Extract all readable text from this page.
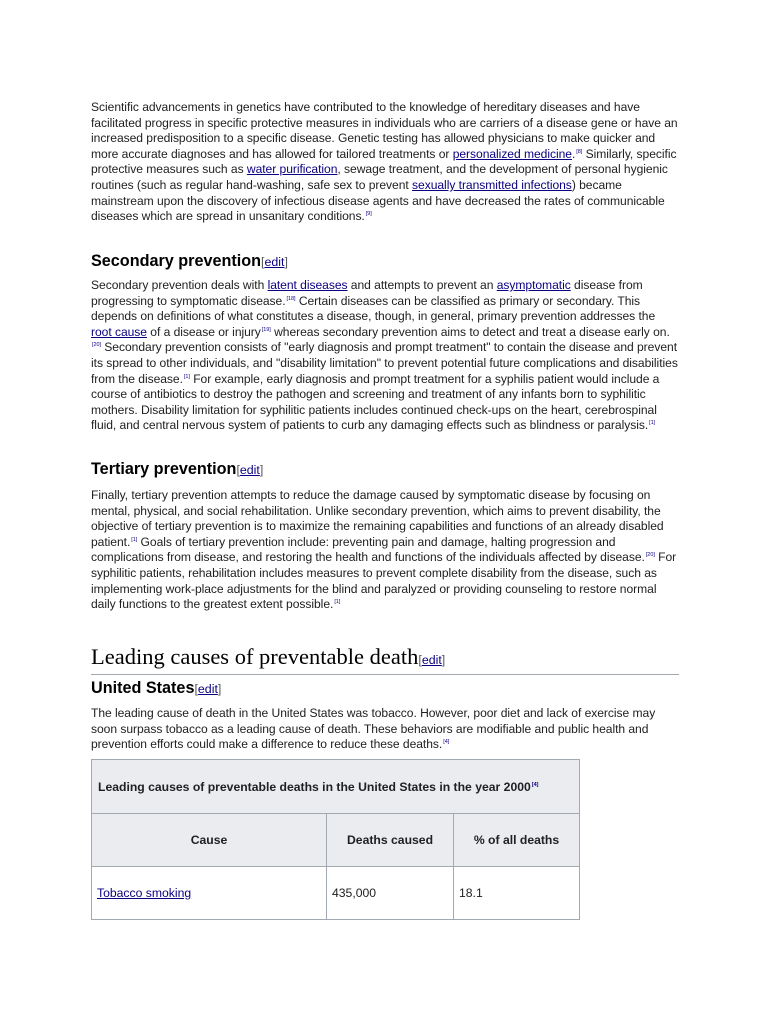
Scientific advancements in genetics have contributed to the knowledge of hereditary diseases and have facilitated progress in specific protective measures in individuals who are carriers of a disease gene or have an increased predisposition to a specific disease. Genetic testing has allowed physicians to make quicker and more accurate diagnoses and has allowed for tailored treatments or personalized medicine.[8] Similarly, specific protective measures such as water purification, sewage treatment, and the development of personal hygienic routines (such as regular hand-washing, safe sex to prevent sexually transmitted infections) became mainstream upon the discovery of infectious disease agents and have decreased the rates of communicable diseases which are spread in unsanitary conditions.[9]

Secondary prevention[edit]

Secondary prevention deals with latent diseases and attempts to prevent an asymptomatic disease from progressing to symptomatic disease.[18] Certain diseases can be classified as primary or secondary. This depends on definitions of what constitutes a disease, though, in general, primary prevention addresses the root cause of a disease or injury[19] whereas secondary prevention aims to detect and treat a disease early on.[20] Secondary prevention consists of "early diagnosis and prompt treatment" to contain the disease and prevent its spread to other individuals, and "disability limitation" to prevent potential future complications and disabilities from the disease.[1] For example, early diagnosis and prompt treatment for a syphilis patient would include a course of antibiotics to destroy the pathogen and screening and treatment of any infants born to syphilitic mothers. Disability limitation for syphilitic patients includes continued check-ups on the heart, cerebrospinal fluid, and central nervous system of patients to curb any damaging effects such as blindness or paralysis.[1]

Tertiary prevention[edit]

Finally, tertiary prevention attempts to reduce the damage caused by symptomatic disease by focusing on mental, physical, and social rehabilitation. Unlike secondary prevention, which aims to prevent disability, the objective of tertiary prevention is to maximize the remaining capabilities and functions of an already disabled patient.[1] Goals of tertiary prevention include: preventing pain and damage, halting progression and complications from disease, and restoring the health and functions of the individuals affected by disease.[20] For syphilitic patients, rehabilitation includes measures to prevent complete disability from the disease, such as implementing work-place adjustments for the blind and paralyzed or providing counseling to restore normal daily functions to the greatest extent possible.[1]

Leading causes of preventable death[edit]
United States[edit]

The leading cause of death in the United States was tobacco. However, poor diet and lack of exercise may soon surpass tobacco as a leading cause of death. These behaviors are modifiable and public health and prevention efforts could make a difference to reduce these deaths.[4]

Leading causes of preventable deaths in the United States in the year 2000[4]
Cause	Deaths caused	% of all deaths
Tobacco smoking	435,000	18.1
